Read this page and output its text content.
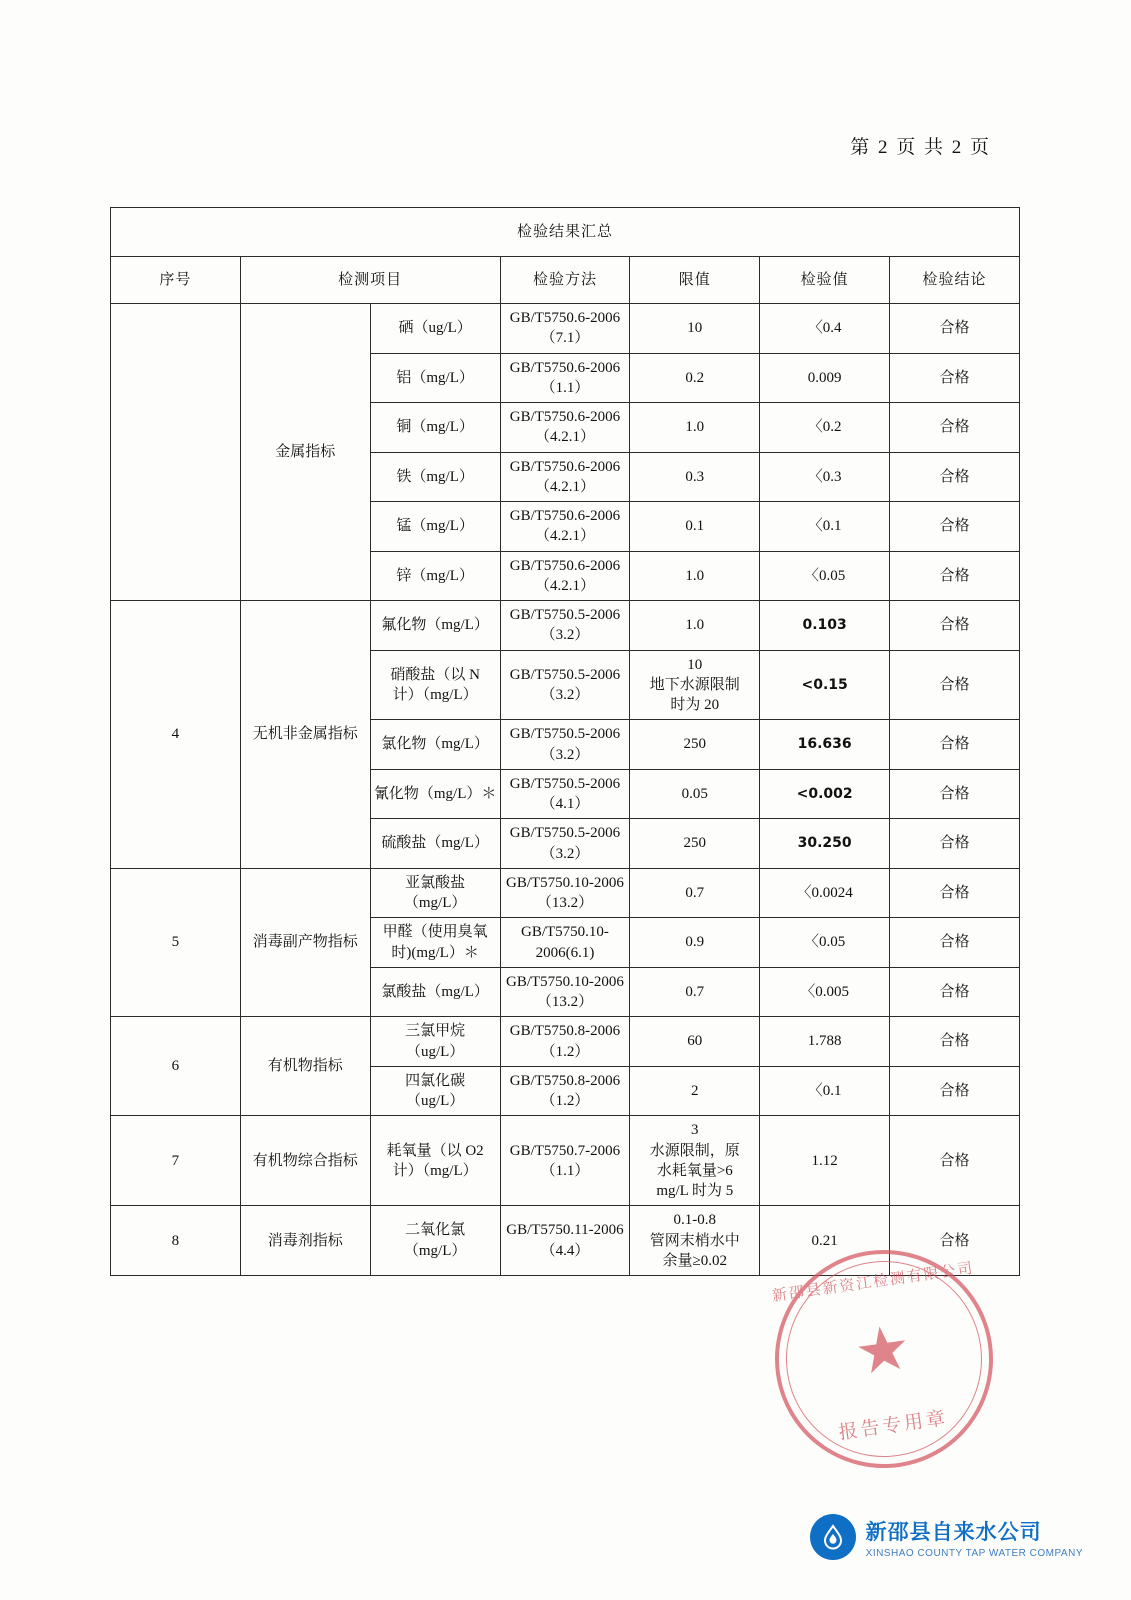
第 2 页 共 2 页
检验结果汇总						
序号	检测项目		检验方法	限值	检验值	检验结论
	金属指标	硒（ug/L）	GB/T5750.6-2006
（7.1）	10	〈0.4	合格
		铝（mg/L）	GB/T5750.6-2006
（1.1）	0.2	0.009	合格
		铜（mg/L）	GB/T5750.6-2006
（4.2.1）	1.0	〈0.2	合格
		铁（mg/L）	GB/T5750.6-2006
（4.2.1）	0.3	〈0.3	合格
		锰（mg/L）	GB/T5750.6-2006
（4.2.1）	0.1	〈0.1	合格
		锌（mg/L）	GB/T5750.6-2006
（4.2.1）	1.0	〈0.05	合格
4	无机非金属指标	氟化物（mg/L）	GB/T5750.5-2006
（3.2）	1.0	0.103	合格

		硝酸盐（以 N
计）（mg/L）	GB/T5750.5-2006
（3.2）	10
地下水源限制
时为 20	<0.15	合格
		氯化物（mg/L）	GB/T5750.5-2006
（3.2）	250	16.636	合格
		氰化物（mg/L）＊	GB/T5750.5-2006
（4.1）	0.05	<0.002	合格
		硫酸盐（mg/L）	GB/T5750.5-2006
（3.2）	250	30.250	合格
5	消毒副产物指标	亚氯酸盐
（mg/L）	GB/T5750.10-2006
（13.2）	0.7	〈0.0024	合格

		甲醛（使用臭氧
时)(mg/L）＊	GB/T5750.10-
2006(6.1)	0.9	〈0.05	合格
		氯酸盐（mg/L）	GB/T5750.10-2006
（13.2）	0.7	〈0.005	合格
6	有机物指标	三氯甲烷
（ug/L）	GB/T5750.8-2006
（1.2）	60	1.788	合格

		四氯化碳
（ug/L）	GB/T5750.8-2006
（1.2）	2	〈0.1	合格
7	有机物综合指标	耗氧量（以 O2
计）（mg/L）	GB/T5750.7-2006
（1.1）	3
水源限制，原
水耗氧量>6
mg/L 时为 5	1.12	合格
8	消毒剂指标	二氧化氯
（mg/L）	GB/T5750.11-2006
（4.4）	0.1-0.8
管网末梢水中
余量≥0.02	0.21	合格
新邵县新资江检测有限公司
★
报告专用章
新邵县自来水公司
XINSHAO COUNTY TAP WATER COMPANY
